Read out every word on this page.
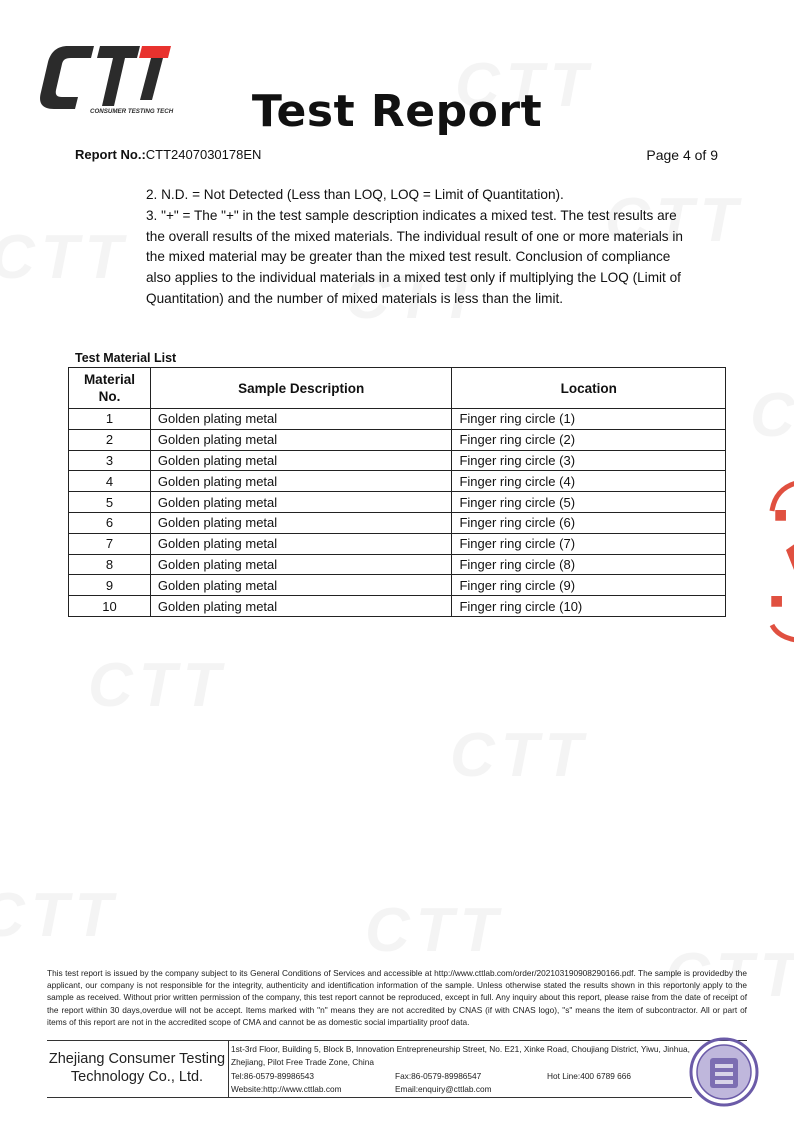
CONSUMER TESTING TECH	Test Report
Report No.:CTT2407030178EN	Page 4 of 9

2. N.D. = Not Detected (Less than LOQ, LOQ = Limit of Quantitation).

3. "+" = The "+" in the test sample description indicates a mixed test. The test results are the overall results of the mixed materials. The individual result of one or more materials in the mixed material may be greater than the mixed test result. Conclusion of compliance also applies to the individual materials in a mixed test only if multiplying the LOQ (Limit of Quantitation) and the number of mixed materials is less than the limit.

Test Material List
Material
No.	Sample Description	Location
1	Golden plating metal	Finger ring circle (1)
2	Golden plating metal	Finger ring circle (2)
3	Golden plating metal	Finger ring circle (3)
4	Golden plating metal	Finger ring circle (4)
5	Golden plating metal	Finger ring circle (5)
6	Golden plating metal	Finger ring circle (6)
7	Golden plating metal	Finger ring circle (7)
8	Golden plating metal	Finger ring circle (8)
9	Golden plating metal	Finger ring circle (9)
10	Golden plating metal	Finger ring circle (10)
■
■
This test report is issued by the company subject to its General Conditions of Services and accessible at http://www.cttlab.com/order/20210319090829016​6.pdf. The sample is providedby the applicant, our company is not responsible for the integrity, authenticity and identification information of the sample. Unless otherwise stated the results shown in this reportonly apply to the sample as received. Without prior written permission of the company, this test report cannot be reproduced, except in full. Any inquiry about this report, please raise from the date of receipt of the report within 30 days,overdue will not be accept. Items marked with "n" means they are not accredited by CNAS (if with CNAS logo), "s" means the item of subcontractor. All or part of items of this report are not in the accredited scope of CMA and cannot be as domestic social impartiality proof data.
Zhejiang Consumer Testing
Technology Co., Ltd.
1st-3rd Floor, Building 5, Block B, Innovation Entrepreneurship Street, No. E21, Xinke Road, Choujiang District, Yiwu, Jinhua, Zhejiang, Pilot Free Trade Zone, China
Tel:86-0579-89986543	Fax:86-0579-89986547	Hot Line:400 6789 666
Website:http://www.cttlab.com	Email:enquiry@cttlab.com
